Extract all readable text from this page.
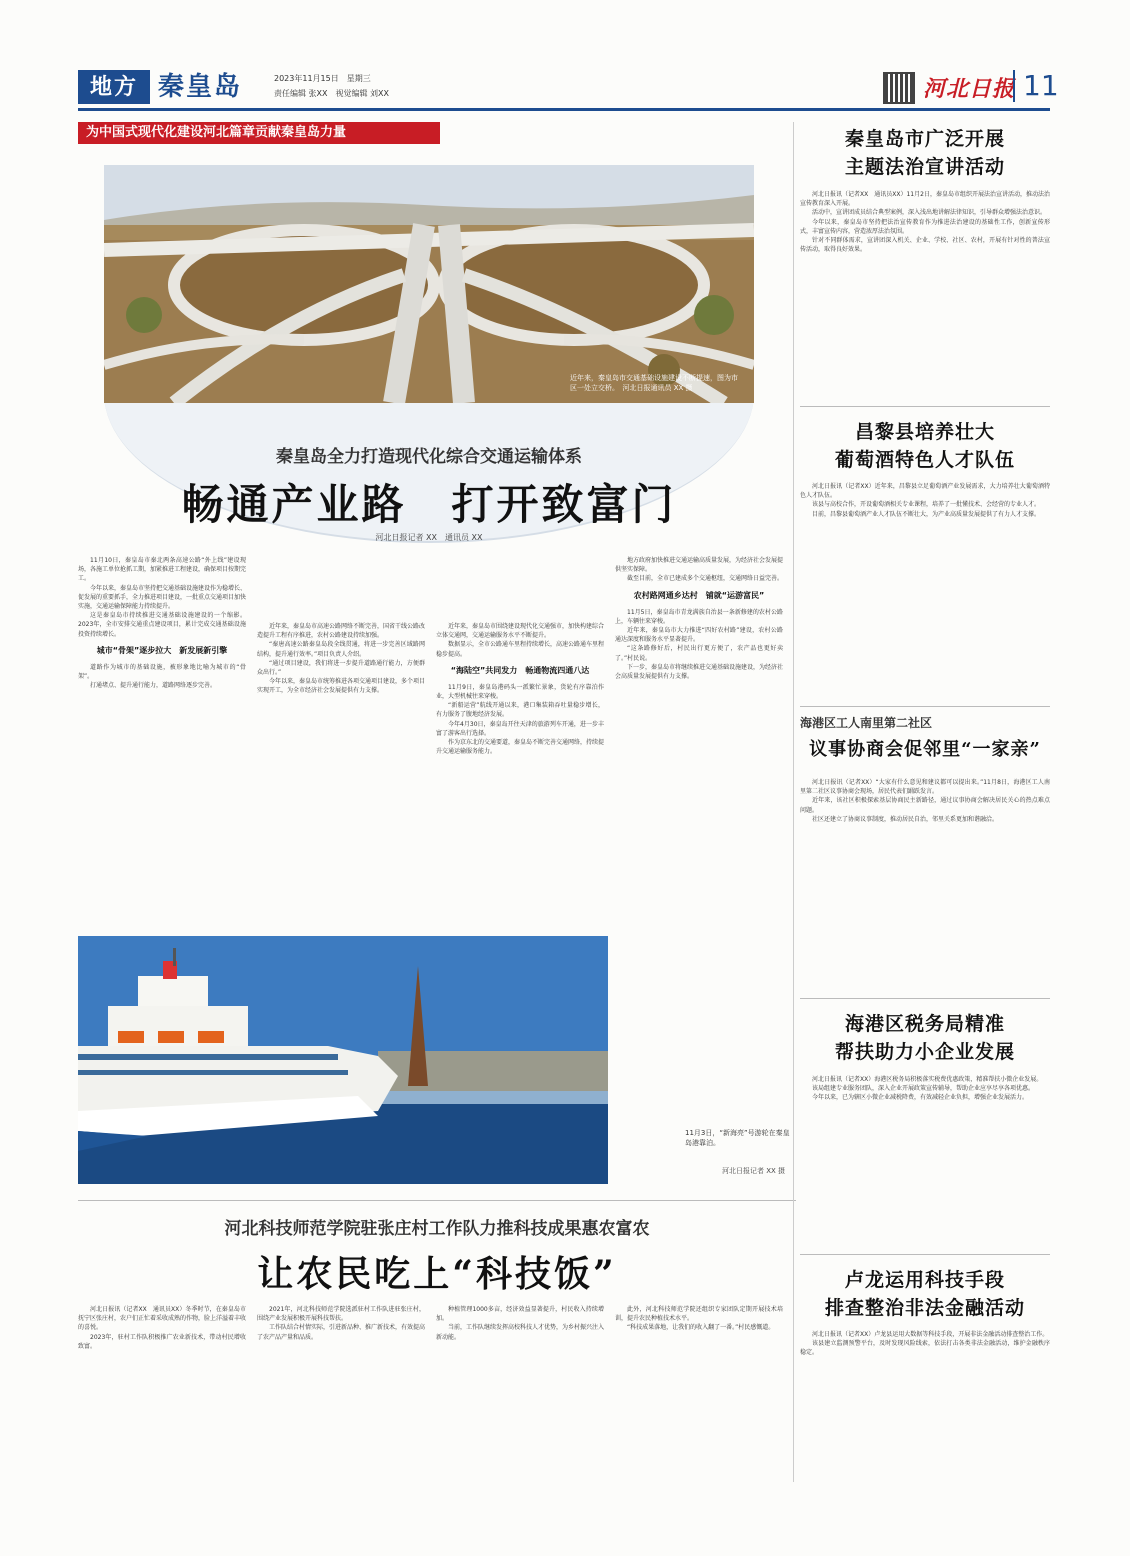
地方 秦皇岛	2023年11月15日　星期三
责任编辑 张XX　视觉编辑 刘XX	河北日报 11
为中国式现代化建设河北篇章贡献秦皇岛力量
近年来，秦皇岛市交通基础设施建设不断提速，图为市区一处立交桥。　河北日报通讯员 XX 摄
秦皇岛全力打造现代化综合交通运输体系
畅通产业路　打开致富门
河北日报记者 XX　通讯员 XX

11月10日，秦皇岛市秦北两条高速公路“外上线”建设现场，各施工单位抢抓工期，加紧推进工程建设，确保项目按期完工。

今年以来，秦皇岛市坚持把交通基础设施建设作为稳增长、促发展的重要抓手，全力推进项目建设，一批重点交通项目加快实施，交通运输保障能力持续提升。

这是秦皇岛市持续推进交通基础设施建设的一个缩影。2023年，全市安排交通重点建设项目，累计完成交通基础设施投资持续增长。

城市“骨架”逐步拉大　新发展新引擎

道路作为城市的基础设施，被形象地比喻为城市的“骨架”。

打通堵点、提升通行能力，道路网络逐步完善。

近年来，秦皇岛市高速公路网络不断完善，国省干线公路改造提升工程有序推进，农村公路建设持续加强。

“秦唐高速公路秦皇岛段全线贯通，将进一步完善区域路网结构，提升通行效率。”项目负责人介绍。

“通过项目建设，我们将进一步提升道路通行能力，方便群众出行。”

今年以来，秦皇岛市统筹推进各项交通项目建设，多个项目实现开工，为全市经济社会发展提供有力支撑。

近年来，秦皇岛市围绕建设现代化交通强市，加快构建综合立体交通网，交通运输服务水平不断提升。

数据显示，全市公路通车里程持续增长，高速公路通车里程稳步提高。

“海陆空”共同发力　畅通物流四通八达

11月9日，秦皇岛港码头一派繁忙景象，货轮有序靠泊作业，大型机械往来穿梭。

“新船运营”航线开通以来，港口集装箱吞吐量稳步增长，有力服务了腹地经济发展。

今年4月30日，秦皇岛开往天津的旅游列车开通，进一步丰富了游客出行选择。

作为京东北的交通要道，秦皇岛不断完善交通网络，持续提升交通运输服务能力。

地方政府加快推进交通运输高质量发展，为经济社会发展提供坚实保障。

截至目前，全市已建成多个交通枢纽，交通网络日益完善。

农村路网通乡达村　铺就“运游富民”

11月5日，秦皇岛市青龙满族自治县一条新修建的农村公路上，车辆往来穿梭。

近年来，秦皇岛市大力推进“四好农村路”建设，农村公路通达深度和服务水平显著提升。

“这条路修好后，村民出行更方便了，农产品也更好卖了。”村民说。

下一步，秦皇岛市将继续推进交通基础设施建设，为经济社会高质量发展提供有力支撑。

11月3日，“新海亮”号游轮在秦皇岛港靠泊。
河北日报记者 XX 摄
河北科技师范学院驻张庄村工作队力推科技成果惠农富农
让农民吃上“科技饭”

河北日报讯（记者XX　通讯员XX）冬季时节，在秦皇岛市抚宁区张庄村，农户们正忙着采收成熟的作物，脸上洋溢着丰收的喜悦。

2023年，驻村工作队积极推广农业新技术，带动村民增收致富。

2021年，河北科技师范学院选派驻村工作队进驻张庄村，围绕产业发展积极开展科技帮扶。

工作队结合村情实际，引进新品种、推广新技术，有效提高了农产品产量和品质。

种植管理1000多亩，经济效益显著提升，村民收入持续增加。

当前，工作队继续发挥高校科技人才优势，为乡村振兴注入新动能。

此外，河北科技师范学院还组织专家团队定期开展技术培训，提升农民种植技术水平。

“科技成果落地，让我们的收入翻了一番。”村民感慨道。

秦皇岛市广泛开展
主题法治宣讲活动

河北日报讯（记者XX　通讯员XX）11月2日，秦皇岛市组织开展法治宣讲活动，推动法治宣传教育深入开展。

活动中，宣讲团成员结合典型案例，深入浅出地讲解法律知识，引导群众增强法治意识。

今年以来，秦皇岛市坚持把法治宣传教育作为推进法治建设的基础性工作，创新宣传形式，丰富宣传内容，营造浓厚法治氛围。

针对不同群体需求，宣讲团深入机关、企业、学校、社区、农村，开展有针对性的普法宣传活动，取得良好效果。

昌黎县培养壮大
葡萄酒特色人才队伍

河北日报讯（记者XX）近年来，昌黎县立足葡萄酒产业发展需求，大力培养壮大葡萄酒特色人才队伍。

该县与高校合作，开设葡萄酒相关专业课程，培养了一批懂技术、会经营的专业人才。

目前，昌黎县葡萄酒产业人才队伍不断壮大，为产业高质量发展提供了有力人才支撑。

海港区工人南里第二社区
议事协商会促邻里“一家亲”

河北日报讯（记者XX）“大家有什么意见和建议都可以提出来。”11月8日，海港区工人南里第二社区议事协商会现场，居民代表们踊跃发言。

近年来，该社区积极探索基层协商民主新路径，通过议事协商会解决居民关心的热点难点问题。

社区还建立了协商议事制度，推动居民自治，邻里关系更加和谐融洽。

海港区税务局精准
帮扶助力小企业发展

河北日报讯（记者XX）海港区税务局积极落实税费优惠政策，精准帮扶小微企业发展。

该局组建专业服务团队，深入企业开展政策宣传辅导，帮助企业应享尽享各项优惠。

今年以来，已为辖区小微企业减税降费，有效减轻企业负担，增强企业发展活力。

卢龙运用科技手段
排查整治非法金融活动

河北日报讯（记者XX）卢龙县运用大数据等科技手段，开展非法金融活动排查整治工作。

该县建立监测预警平台，及时发现风险线索，依法打击各类非法金融活动，维护金融秩序稳定。
